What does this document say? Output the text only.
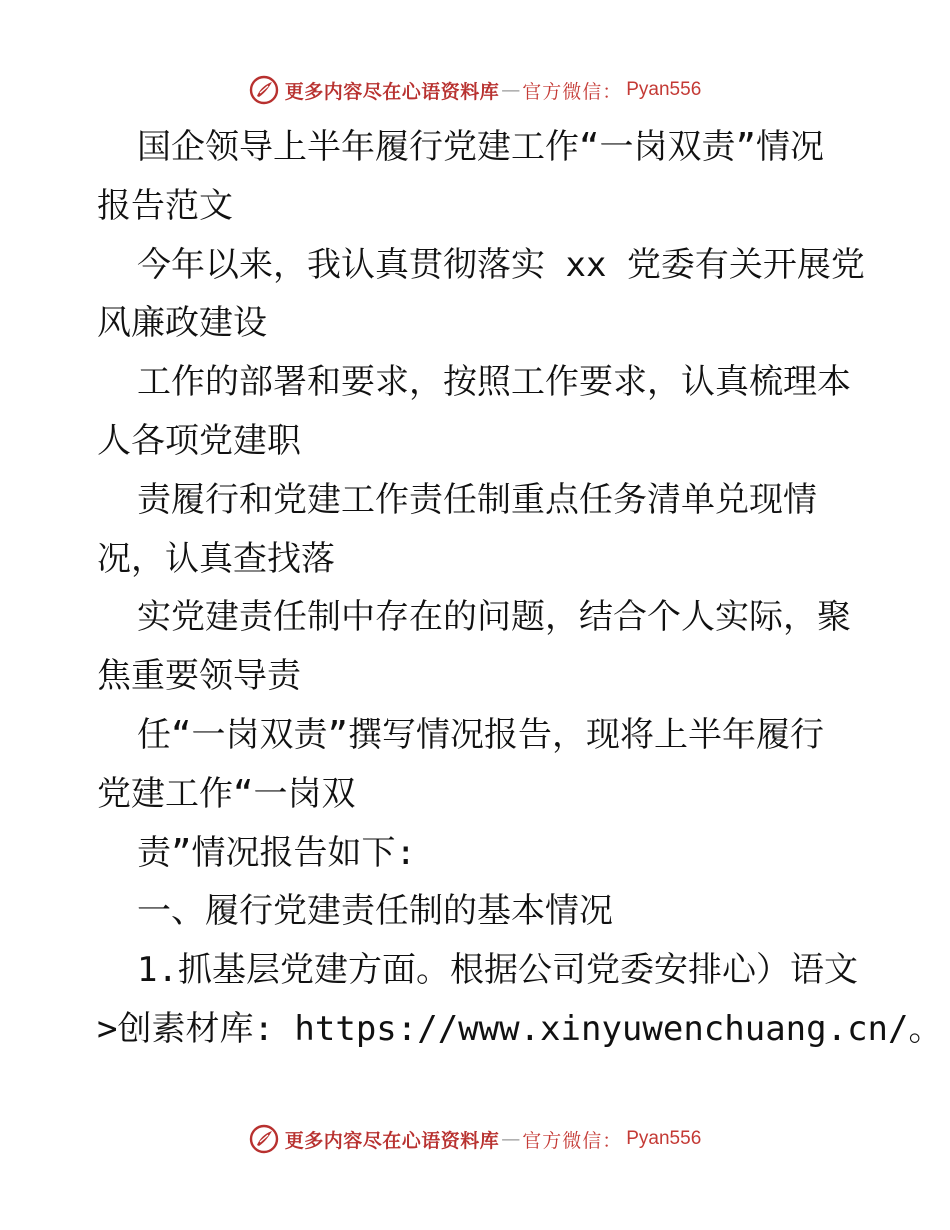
更多内容尽在心语资料库 — 官方微信： Pyan556
国企领导上半年履行党建工作“一岗双责”情况
报告范文
今年以来，我认真贯彻落实 xx 党委有关开展党
风廉政建设
工作的部署和要求，按照工作要求，认真梳理本
人各项党建职
责履行和党建工作责任制重点任务清单兑现情
况，认真查找落
实党建责任制中存在的问题，结合个人实际，聚
焦重要领导责
任“一岗双责”撰写情况报告，现将上半年履行
党建工作“一岗双
责”情况报告如下:
一、履行党建责任制的基本情况
1.抓基层党建方面。根据公司党委安排心）语文
>创素材库: https://www.xinyuwenchuang.cn/。
更多内容尽在心语资料库 — 官方微信： Pyan556
